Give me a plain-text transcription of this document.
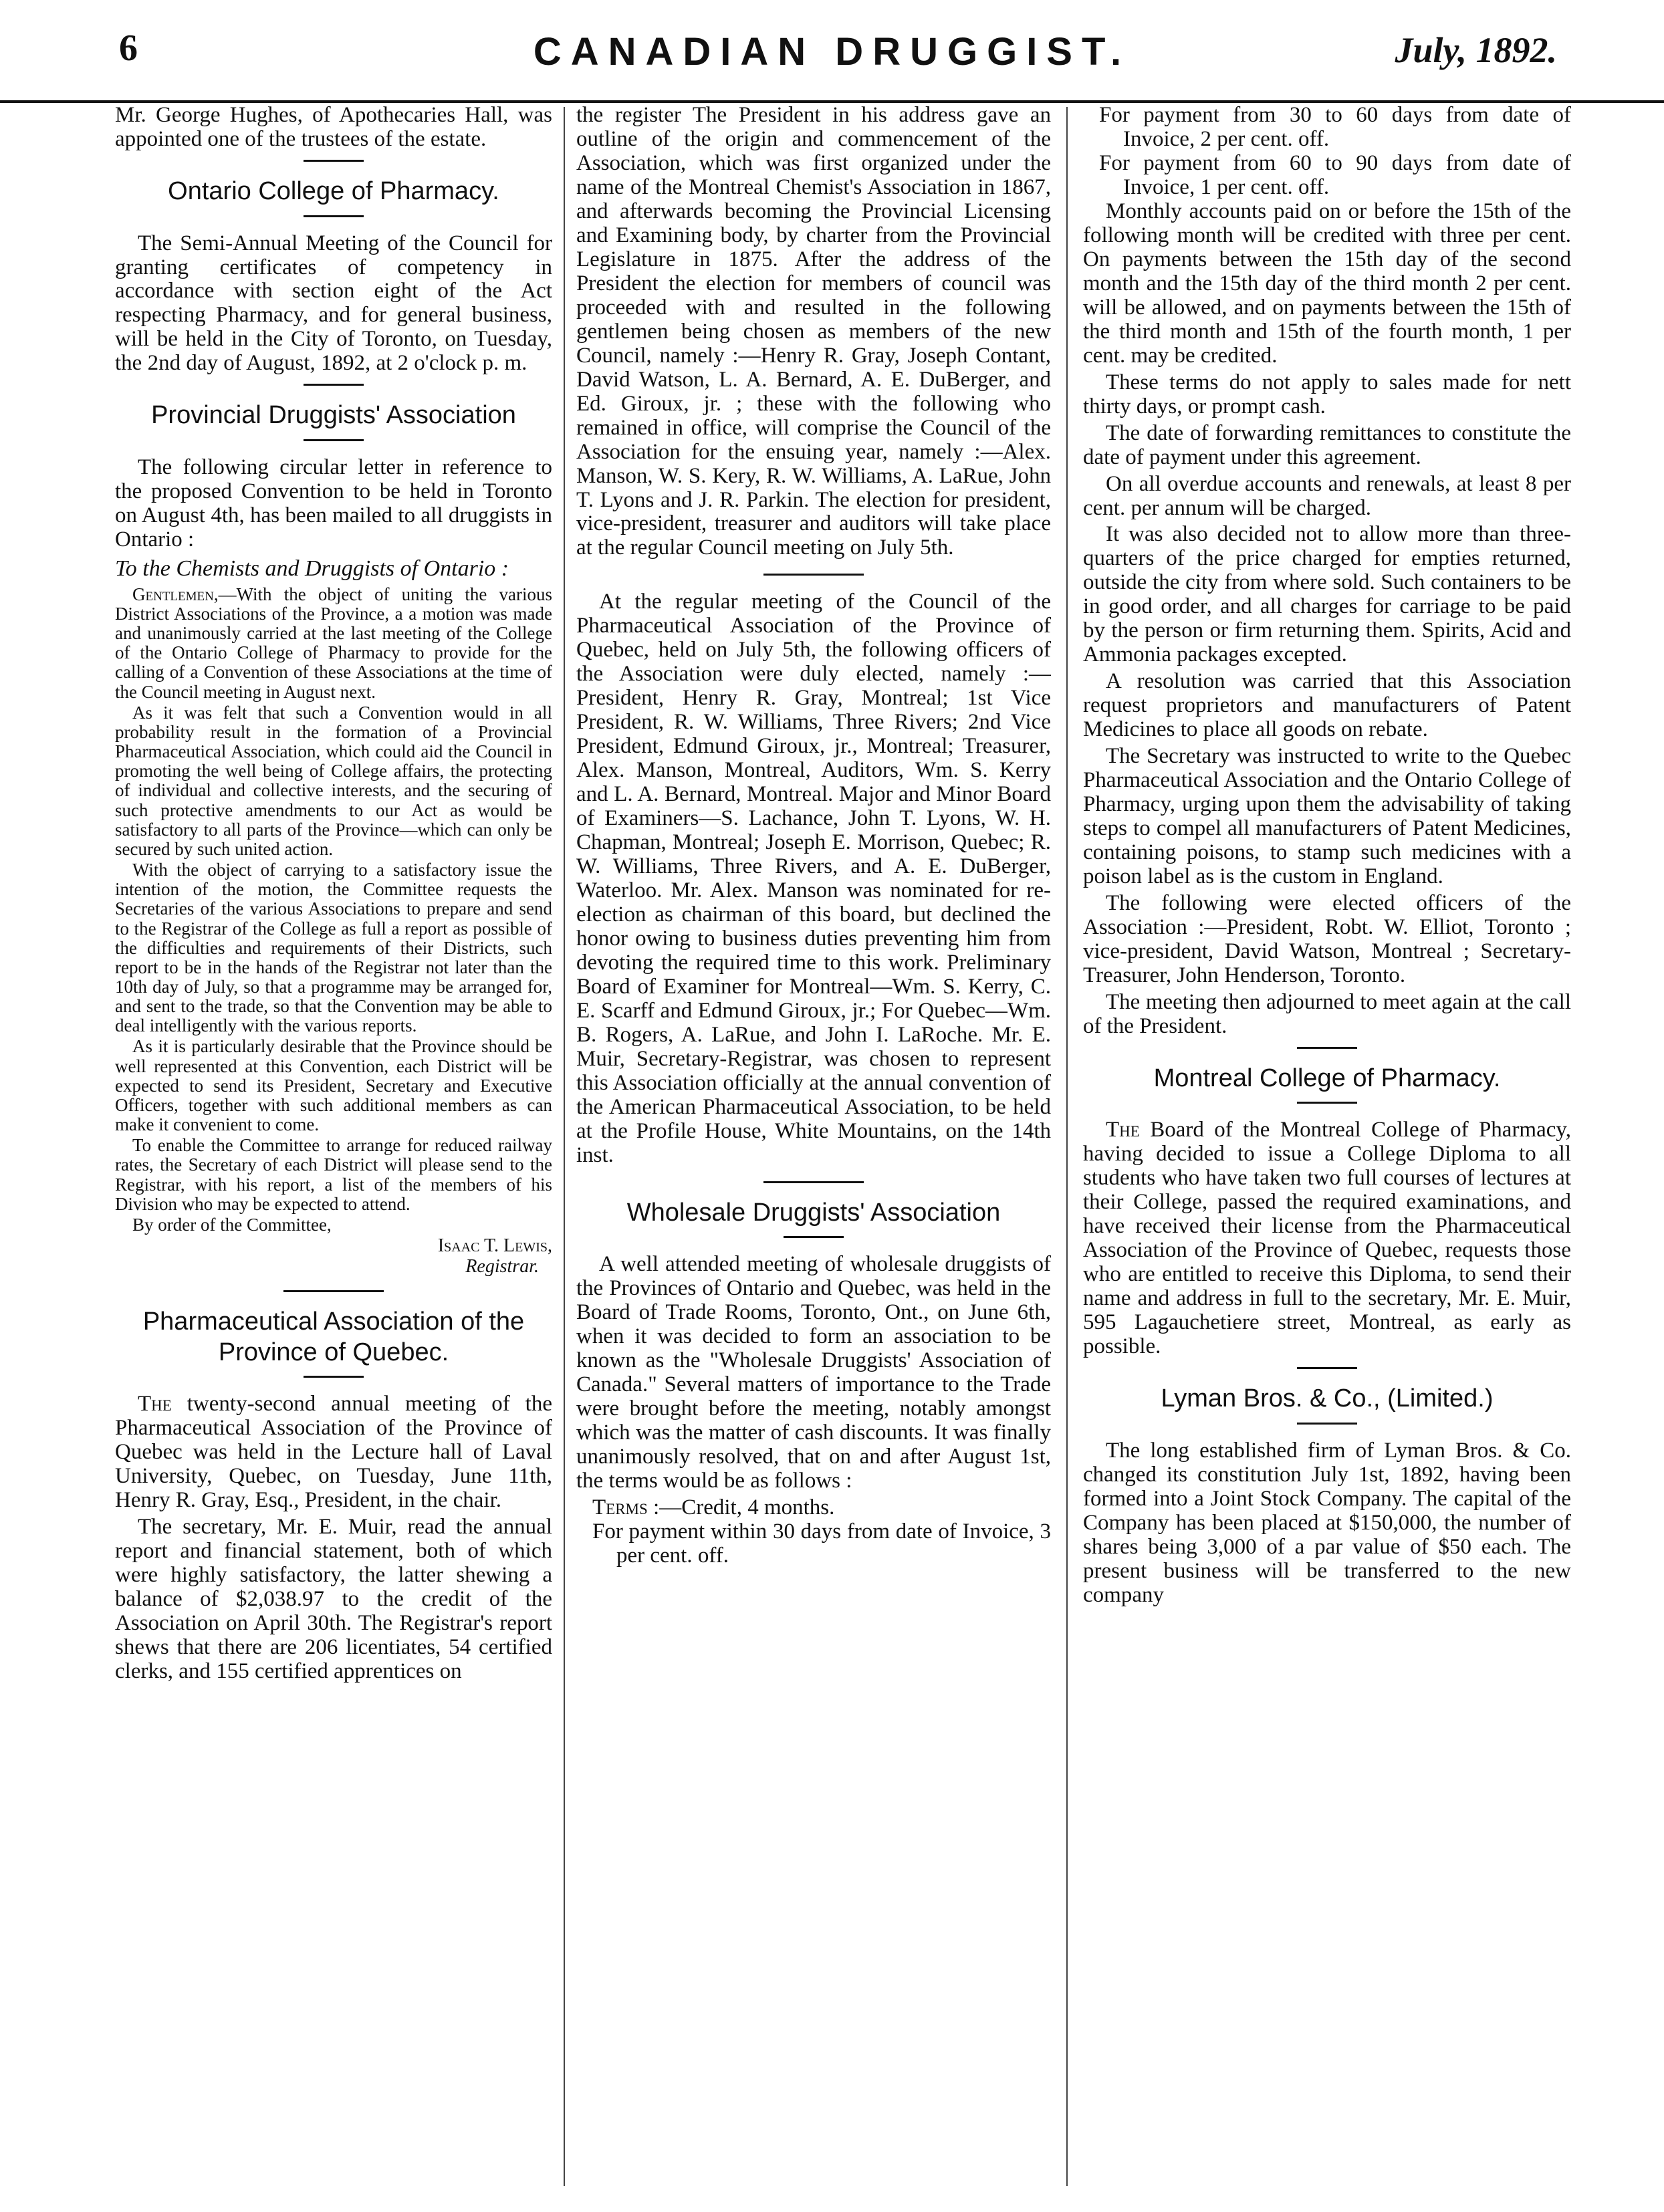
6	CANADIAN DRUGGIST.	July, 1892.

Mr. George Hughes, of Apothecaries Hall, was appointed one of the trustees of the estate.

Ontario College of Pharmacy.

The Semi-Annual Meeting of the Council for granting certificates of competency in accordance with section eight of the Act respecting Pharmacy, and for general business, will be held in the City of Toronto, on Tuesday, the 2nd day of August, 1892, at 2 o'clock p. m.

Provincial Druggists' Association

The following circular letter in reference to the proposed Convention to be held in Toronto on August 4th, has been mailed to all druggists in Ontario :

To the Chemists and Druggists of Ontario :

Gentlemen,—With the object of uniting the various District Associations of the Province, a a motion was made and unanimously carried at the last meeting of the College of the Ontario College of Pharmacy to provide for the calling of a Convention of these Associations at the time of the Council meeting in August next.

As it was felt that such a Convention would in all probability result in the formation of a Provincial Pharmaceutical Association, which could aid the Council in promoting the well being of College affairs, the protecting of individual and collective interests, and the securing of such protective amendments to our Act as would be satisfactory to all parts of the Province—which can only be secured by such united action.

With the object of carrying to a satisfactory issue the intention of the motion, the Committee requests the Secretaries of the various Associations to prepare and send to the Registrar of the College as full a report as possible of the difficulties and requirements of their Districts, such report to be in the hands of the Registrar not later than the 10th day of July, so that a programme may be arranged for, and sent to the trade, so that the Convention may be able to deal intelligently with the various reports.

As it is particularly desirable that the Province should be well represented at this Convention, each District will be expected to send its President, Secretary and Executive Officers, together with such additional members as can make it convenient to come.

To enable the Committee to arrange for reduced railway rates, the Secretary of each District will please send to the Registrar, with his report, a list of the members of his Division who may be expected to attend.

By order of the Committee,

Isaac T. Lewis,

Registrar.

Pharmaceutical Association of the Province of Quebec.

The twenty-second annual meeting of the Pharmaceutical Association of the Province of Quebec was held in the Lecture hall of Laval University, Quebec, on Tuesday, June 11th, Henry R. Gray, Esq., President, in the chair.

The secretary, Mr. E. Muir, read the annual report and financial statement, both of which were highly satisfactory, the latter shewing a balance of $2,038.97 to the credit of the Association on April 30th. The Registrar's report shews that there are 206 licentiates, 54 certified clerks, and 155 certified apprentices on

the register The President in his address gave an outline of the origin and commencement of the Association, which was first organized under the name of the Montreal Chemist's Association in 1867, and afterwards becoming the Provincial Licensing and Examining body, by charter from the Provincial Legislature in 1875. After the address of the President the election for members of council was proceeded with and resulted in the following gentlemen being chosen as members of the new Council, namely :—Henry R. Gray, Joseph Contant, David Watson, L. A. Bernard, A. E. DuBerger, and Ed. Giroux, jr. ; these with the following who remained in office, will comprise the Council of the Association for the ensuing year, namely :—Alex. Manson, W. S. Kery, R. W. Williams, A. LaRue, John T. Lyons and J. R. Parkin. The election for president, vice-president, treasurer and auditors will take place at the regular Council meeting on July 5th.

At the regular meeting of the Council of the Pharmaceutical Association of the Province of Quebec, held on July 5th, the following officers of the Association were duly elected, namely :—President, Henry R. Gray, Montreal; 1st Vice President, R. W. Williams, Three Rivers; 2nd Vice President, Edmund Giroux, jr., Montreal; Treasurer, Alex. Manson, Montreal, Auditors, Wm. S. Kerry and L. A. Bernard, Montreal. Major and Minor Board of Examiners—S. Lachance, John T. Lyons, W. H. Chapman, Montreal; Joseph E. Morrison, Quebec; R. W. Williams, Three Rivers, and A. E. DuBerger, Waterloo. Mr. Alex. Manson was nominated for re-election as chairman of this board, but declined the honor owing to business duties preventing him from devoting the required time to this work. Preliminary Board of Examiner for Montreal—Wm. S. Kerry, C. E. Scarff and Edmund Giroux, jr.; For Quebec—Wm. B. Rogers, A. LaRue, and John I. LaRoche. Mr. E. Muir, Secretary-Registrar, was chosen to represent this Association officially at the annual convention of the American Pharmaceutical Association, to be held at the Profile House, White Mountains, on the 14th inst.

Wholesale Druggists' Association

A well attended meeting of wholesale druggists of the Provinces of Ontario and Quebec, was held in the Board of Trade Rooms, Toronto, Ont., on June 6th, when it was decided to form an association to be known as the "Wholesale Druggists' Association of Canada." Several matters of importance to the Trade were brought before the meeting, notably amongst which was the matter of cash discounts. It was finally unanimously resolved, that on and after August 1st, the terms would be as follows :

Terms :—Credit, 4 months.

For payment within 30 days from date of Invoice, 3 per cent. off.

For payment from 30 to 60 days from date of Invoice, 2 per cent. off.

For payment from 60 to 90 days from date of Invoice, 1 per cent. off.

Monthly accounts paid on or before the 15th of the following month will be credited with three per cent. On payments between the 15th day of the second month and the 15th day of the third month 2 per cent. will be allowed, and on payments between the 15th of the third month and 15th of the fourth month, 1 per cent. may be credited.

These terms do not apply to sales made for nett thirty days, or prompt cash.

The date of forwarding remittances to constitute the date of payment under this agreement.

On all overdue accounts and renewals, at least 8 per cent. per annum will be charged.

It was also decided not to allow more than three-quarters of the price charged for empties returned, outside the city from where sold. Such containers to be in good order, and all charges for carriage to be paid by the person or firm returning them. Spirits, Acid and Ammonia packages excepted.

A resolution was carried that this Association request proprietors and manufacturers of Patent Medicines to place all goods on rebate.

The Secretary was instructed to write to the Quebec Pharmaceutical Association and the Ontario College of Pharmacy, urging upon them the advisability of taking steps to compel all manufacturers of Patent Medicines, containing poisons, to stamp such medicines with a poison label as is the custom in England.

The following were elected officers of the Association :—President, Robt. W. Elliot, Toronto ; vice-president, David Watson, Montreal ; Secretary-Treasurer, John Henderson, Toronto.

The meeting then adjourned to meet again at the call of the President.

Montreal College of Pharmacy.

The Board of the Montreal College of Pharmacy, having decided to issue a College Diploma to all students who have taken two full courses of lectures at their College, passed the required examinations, and have received their license from the Pharmaceutical Association of the Province of Quebec, requests those who are entitled to receive this Diploma, to send their name and address in full to the secretary, Mr. E. Muir, 595 Lagauchetiere street, Montreal, as early as possible.

Lyman Bros. & Co., (Limited.)

The long established firm of Lyman Bros. & Co. changed its constitution July 1st, 1892, having been formed into a Joint Stock Company. The capital of the Company has been placed at $150,000, the number of shares being 3,000 of a par value of $50 each. The present business will be transferred to the new company
